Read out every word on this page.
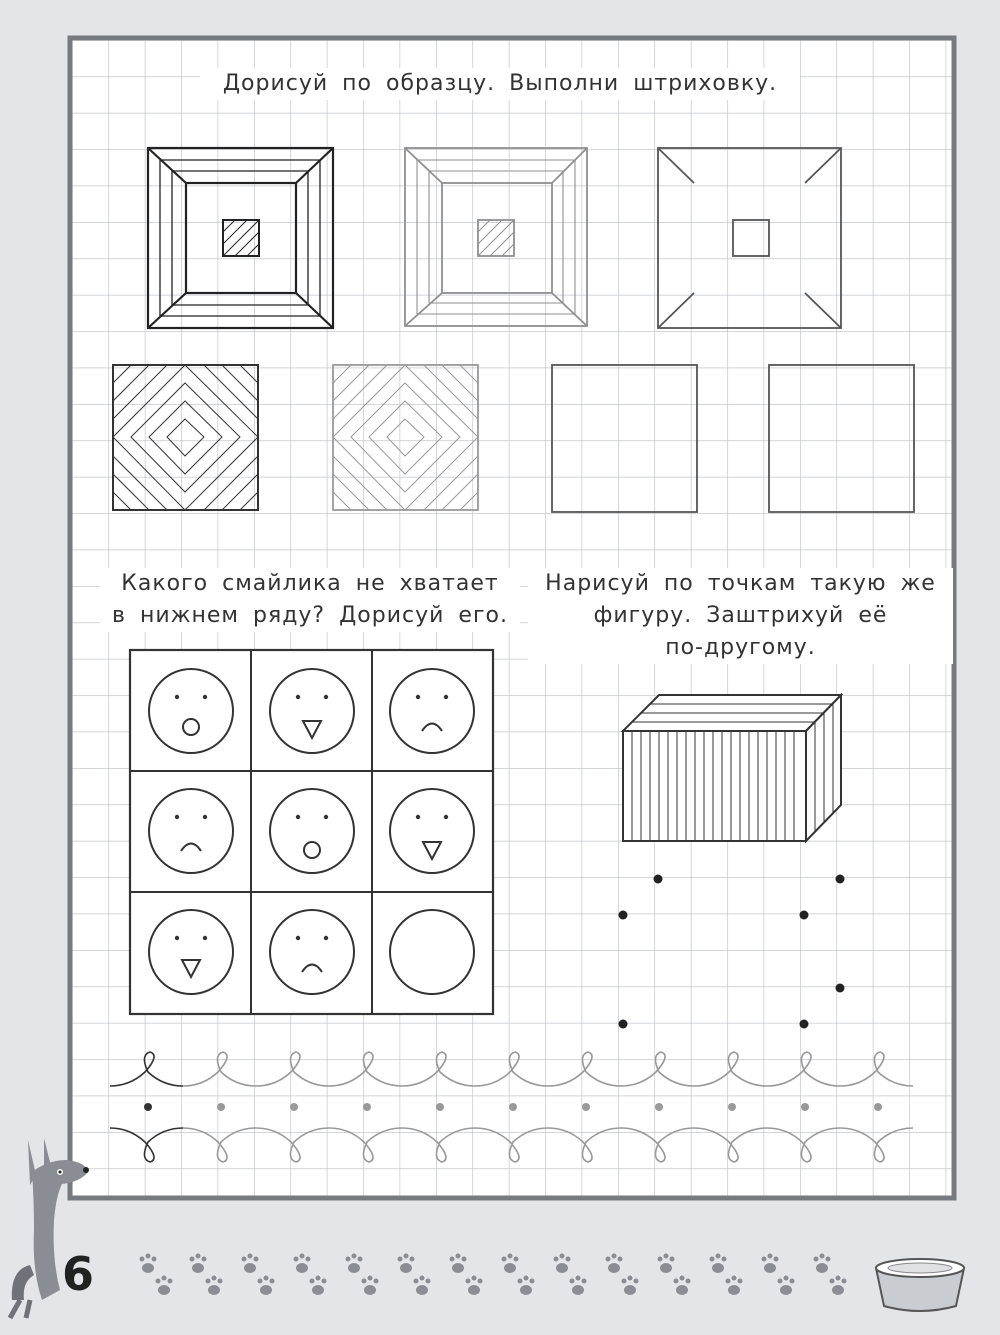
Дорисуй по образцу. Выполни штриховку.
Какого смайлика не хватает
в нижнем ряду? Дорисуй его.
Нарисуй по точкам такую же
фигуру. Заштрихуй её
по-другому.
6
